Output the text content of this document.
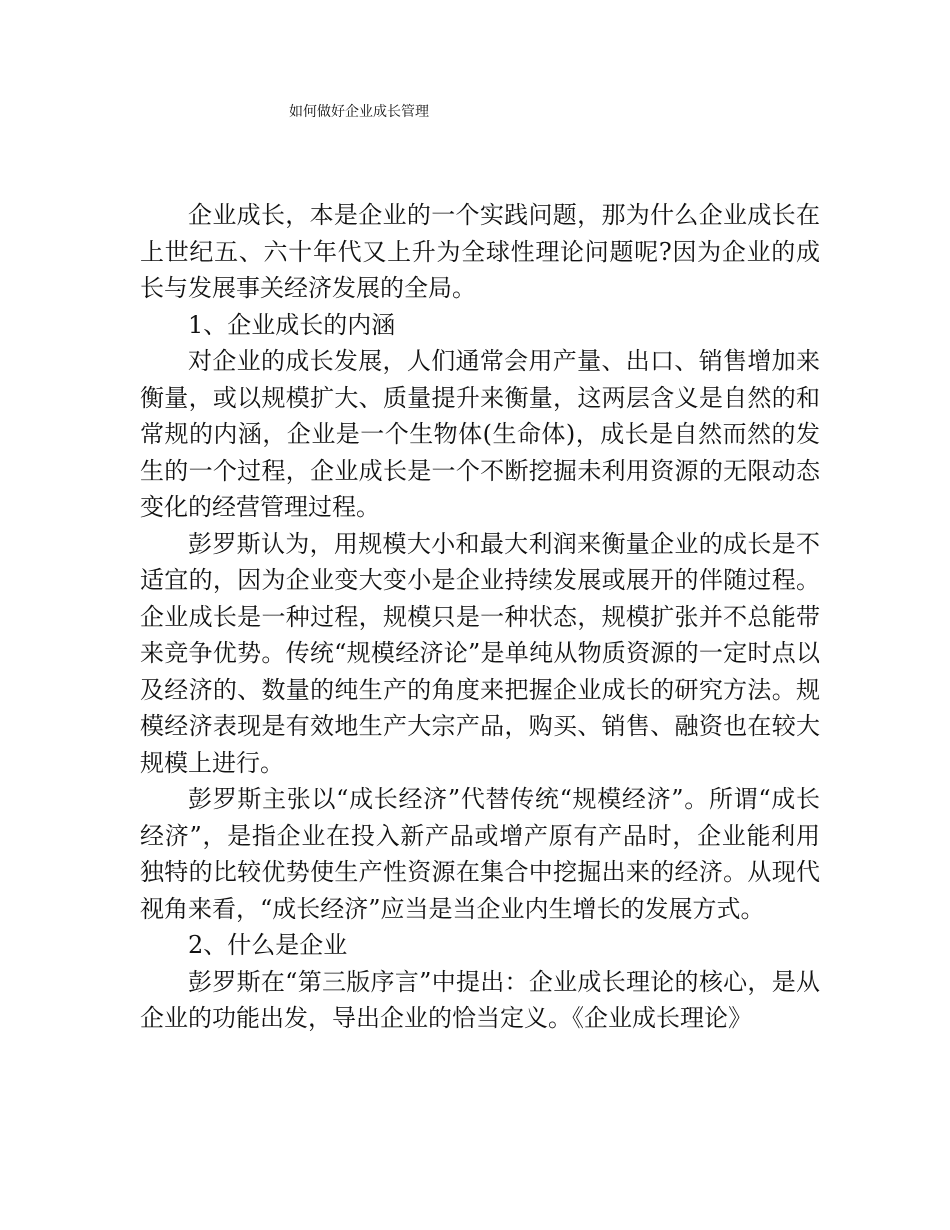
如何做好企业成长管理

企业成长，本是企业的一个实践问题，那为什么企业成长在上世纪五、六十年代又上升为全球性理论问题呢?因为企业的成长与发展事关经济发展的全局。

1、企业成长的内涵

对企业的成长发展，人们通常会用产量、出口、销售增加来衡量，或以规模扩大、质量提升来衡量，这两层含义是自然的和常规的内涵，企业是一个生物体(生命体)，成长是自然而然的发生的一个过程，企业成长是一个不断挖掘未利用资源的无限动态变化的经营管理过程。

彭罗斯认为，用规模大小和最大利润来衡量企业的成长是不适宜的，因为企业变大变小是企业持续发展或展开的伴随过程。企业成长是一种过程，规模只是一种状态，规模扩张并不总能带来竞争优势。传统“规模经济论”是单纯从物质资源的一定时点以及经济的、数量的纯生产的角度来把握企业成长的研究方法。规模经济表现是有效地生产大宗产品，购买、销售、融资也在较大规模上进行。

彭罗斯主张以“成长经济”代替传统“规模经济”。所谓“成长经济”，是指企业在投入新产品或增产原有产品时，企业能利用独特的比较优势使生产性资源在集合中挖掘出来的经济。从现代视角来看，“成长经济”应当是当企业内生增长的发展方式。

2、什么是企业

彭罗斯在“第三版序言”中提出：企业成长理论的核心，是从企业的功能出发，导出企业的恰当定义。《企业成长理论》
